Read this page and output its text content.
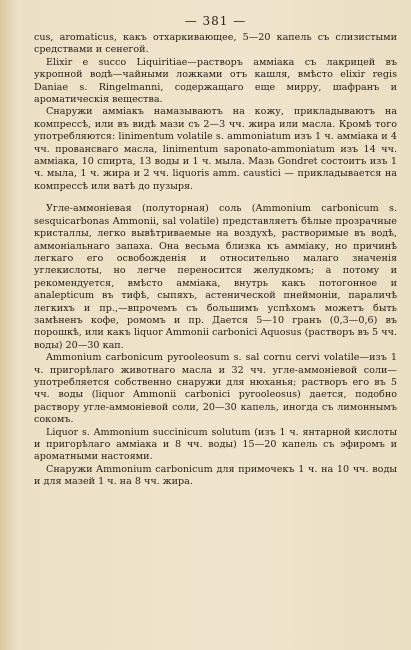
— 381 —

cus, aromaticus, какъ отхаркивающее, 5—20 капель съ слизистыми средствами и сенегой.

Elixir e succo Liquiritiae—растворъ аммiака съ лакрицей въ укропной водѣ—чайными ложками отъ кашля, вмѣсто elixir regis Daniae s. Ringelmanni, содержащаго еще мирру, шафранъ и ароматическiя вещества.

Снаружи аммiакъ намазываютъ на кожу, прикладываютъ на компрессѣ, или въ видѣ мази съ 2—3 чч. жира или масла. Кромѣ того употребляются: linimentum volatile s. ammoniatum изъ 1 ч. аммiака и 4 чч. провансваго масла, linimentum saponato-ammoniatum изъ 14 чч. аммiака, 10 спирта, 13 воды и 1 ч. мыла. Мазь Gondret состоитъ изъ 1 ч. мыла, 1 ч. жира и 2 чч. liquoris amm. caustici — прикладывается на компрессѣ или ватѣ до пузыря.

Угле-аммонiевая (полуторная) соль (Ammonium carbonicum s. sesquicarbonas Ammonii, sal volatile) представляетъ бѣлые прозрачные кристаллы, легко вывѣтриваемые на воздухѣ, растворимые въ водѣ, аммонiальнаго запаха. Она весьма близка къ аммiаку, но причинѣ легкаго его освобожденiя и относительно малаго значенiя углекислоты, но легче переносится желудкомъ; а потому и рекомендуется, вмѣсто аммiака, внутрь какъ потогонное и analepticum въ тифѣ, сыпяхъ, астенической пнеймонiи, параличѣ легкихъ и пр.,—впрочемъ съ большимъ успѣхомъ можетъ быть замѣненъ кофе, ромомъ и пр. Дается 5—10 гранъ (0,3—0,6) въ порошкѣ, или какъ liquor Ammonii carbonici Aquosus (растворъ въ 5 чч. воды) 20—30 кап.

Ammonium carbonicum pyrooleosum s. sal cornu cervi volatile—изъ 1 ч. пригорѣлаго животнаго масла и 32 чч. угле-аммонiевой соли—употребляется собственно снаружи для нюханья; растворъ его въ 5 чч. воды (liquor Ammonii carbonici pyrooleosus) дается, подобно раствору угле-аммонiевой соли, 20—30 капель, иногда съ лимоннымъ сокомъ.

Liquor s. Ammonium succinicum solutum (изъ 1 ч. янтарной кислоты и пригорѣлаго аммiака и 8 чч. воды) 15—20 капель съ эфиромъ и ароматными настоями.

Снаружи Ammonium carbonicum для примочекъ 1 ч. на 10 чч. воды и для мазей 1 ч. на 8 чч. жира.
